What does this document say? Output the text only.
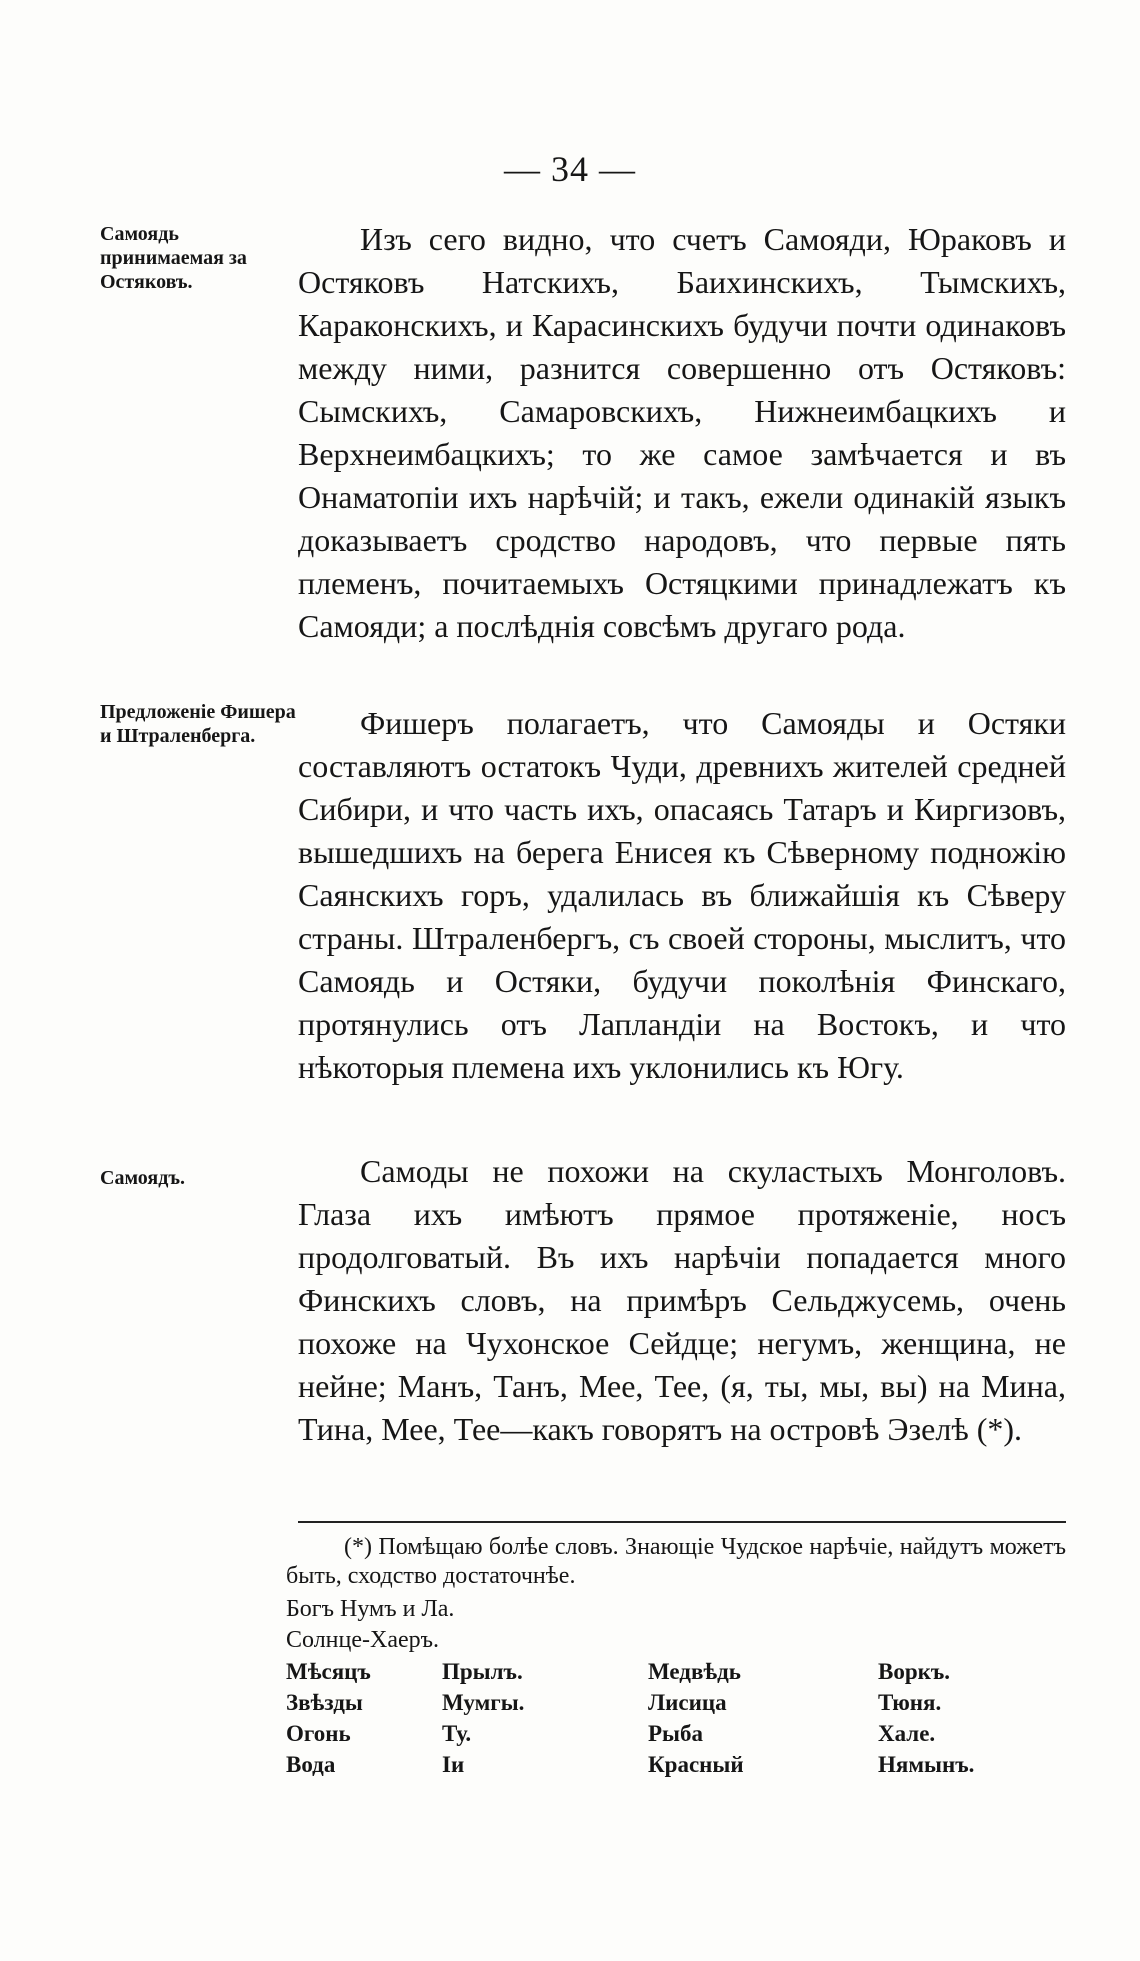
— 34 —
Самоядь принимаемая за Остяковъ.
Предложеніе Фишера и Штраленберга.
Самоядъ.

Изъ сего видно, что счетъ Самояди, Юраковъ и Остяковъ Натскихъ, Баихинскихъ, Тымскихъ, Караконскихъ, и Карасинскихъ будучи почти одинаковъ между ними, разнится совершенно отъ Остяковъ: Сымскихъ, Самаровскихъ, Нижнеимбацкихъ и Верхнеимбацкихъ; то же самое замѣчается и въ Онаматопіи ихъ нарѣчій; и такъ, ежели одинакій языкъ доказываетъ сродство народовъ, что первые пять племенъ, почитаемыхъ Остяцкими принадлежатъ къ Самояди; а послѣднія совсѣмъ другаго рода.

Фишеръ полагаетъ, что Самояды и Остяки составляютъ остатокъ Чуди, древнихъ жителей средней Сибири, и что часть ихъ, опасаясь Татаръ и Киргизовъ, вышедшихъ на берега Енисея къ Сѣверному подножію Саянскихъ горъ, удалилась въ ближайшія къ Сѣверу страны. Штраленбергъ, съ своей стороны, мыслитъ, что Самоядь и Остяки, будучи поколѣнія Финскаго, протянулись отъ Лапландіи на Востокъ, и что нѣкоторыя племена ихъ уклонились къ Югу.

Самоды не похожи на скуластыхъ Монголовъ. Глаза ихъ имѣютъ прямое протяженіе, носъ продолговатый. Въ ихъ нарѣчіи попадается много Финскихъ словъ, на примѣръ Сельджусемь, очень похоже на Чухонское Сейдце; негумъ, женщина, не нейне; Манъ, Танъ, Мее, Тее, (я, ты, мы, вы) на Мина, Тина, Мее, Тее—какъ говорятъ на островѣ Эзелѣ (*).

(*) Помѣщаю болѣе словъ. Знающіе Чудское нарѣчіе, найдутъ можетъ быть, сходство достаточнѣе.

Богъ Нумъ и Ла.
Солнце-Хаеръ.
Мѣсяцъ	Прылъ.	Медвѣдь	Воркъ.
Звѣзды	Мумгы.	Лисица	Тюня.
Огонь	Ту.	Рыба	Хале.
Вода	Iи	Красный	Нямынъ.
